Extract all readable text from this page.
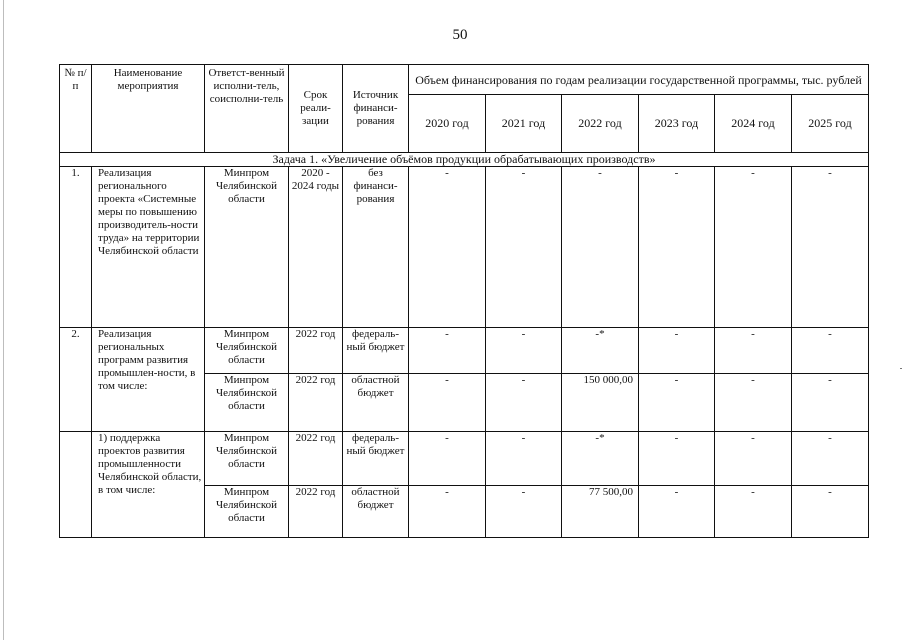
50
№ п/п	Наименование мероприятия	Ответст-венный исполни-тель, соисполни-тель	Срок реали-зации	Источник финанси-рования	Объем финансирования по годам реализации государственной программы, тыс. рублей					
					2020 год	2021 год	2022 год	2023 год	2024 год	2025 год
Задача 1. «Увеличение объёмов продукции обрабатывающих производств»										
1.	Реализация регионального проекта «Системные меры по повышению производитель-ности труда» на территории Челябинской области	Минпром Челябинской области	2020 - 2024 годы	без финанси-рования	-	-	-	-	-	-
2.	Реализация региональных программ развития промышлен-ности, в том числе:	Минпром Челябинской области	2022 год	федераль-ный бюджет	-	-	-*	-	-	-
		Минпром Челябинской области	2022 год	областной бюджет	-	-	150 000,00	-	-	-
	1) поддержка проектов развития промышленности Челябинской области, в том числе:	Минпром Челябинской области	2022 год	федераль-ный бюджет	-	-	-*	-	-	-
		Минпром Челябинской области	2022 год	областной бюджет	-	-	77 500,00	-	-	-
